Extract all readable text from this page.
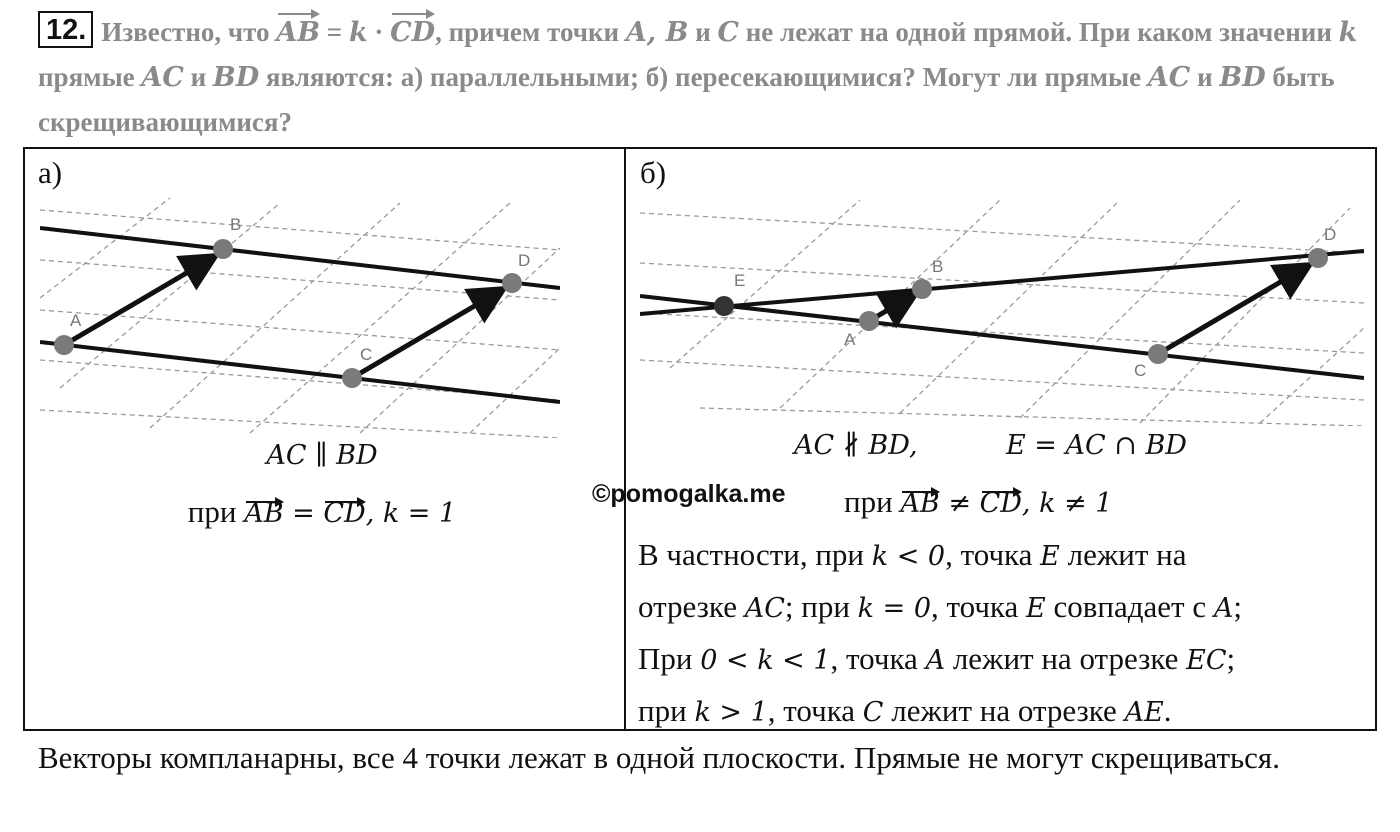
12. Известно, что AB = k · CD, причем точки A, B и C не лежат на одной прямой. При каком значении k прямые AC и BD являются: а) параллельными; б) пересекающимися? Могут ли прямые AC и BD быть скрещивающимися?
а)
A
B
C
D
AC ∥ BD
при AB = CD, k = 1
б)
E
A
B
C
D
AC ∦ BD,	E = AC ∩ BD
при AB ≠ CD, k ≠ 1
В частности, при k < 0, точка E лежит на
отрезке AC; при k = 0, точка E совпадает с A;
При 0 < k < 1, точка A лежит на отрезке EC;
при k > 1, точка C лежит на отрезке AE.
©pomogalka.me
Векторы компланарны, все 4 точки лежат в одной плоскости. Прямые не могут скрещиваться.
